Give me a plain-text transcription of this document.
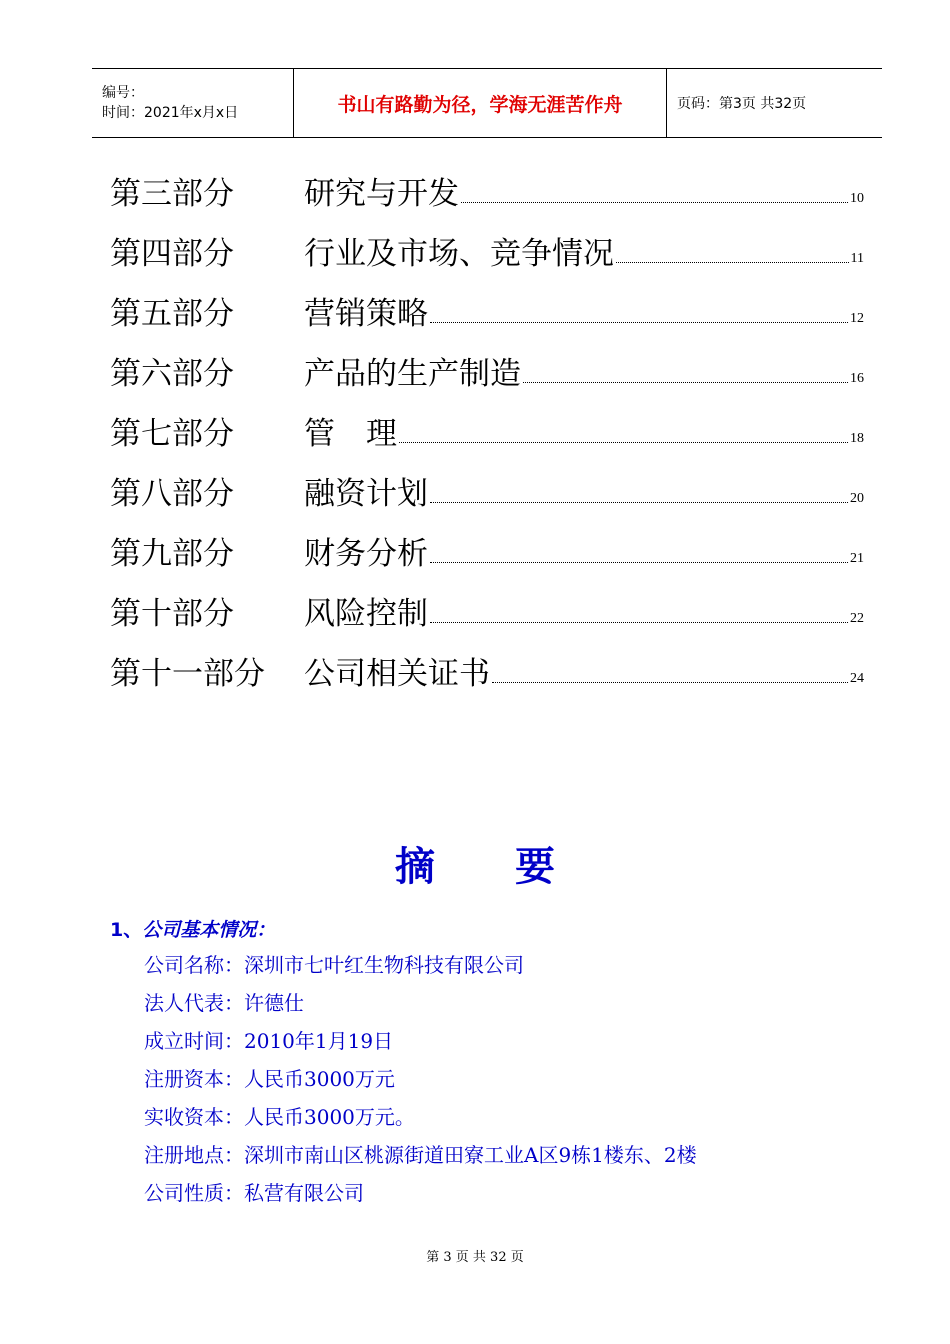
编号：
时间：2021年x月x日	书山有路勤为径，学海无涯苦作舟	页码：第3页 共32页
第三部分	研究与开发	10
第四部分	行业及市场、竞争情况	11
第五部分	营销策略	12
第六部分	产品的生产制造	16
第七部分	管　理	18
第八部分	融资计划	20
第九部分	财务分析	21
第十部分	风险控制	22
第十一部分	公司相关证书	24
摘要
1、公司基本情况：
公司名称：深圳市七叶红生物科技有限公司
法人代表：许德仕
成立时间：2010年1月19日
注册资本：人民币3000万元
实收资本：人民币3000万元。
注册地点：深圳市南山区桃源街道田寮工业A区9栋1楼东、2楼
公司性质：私营有限公司
第 3 页 共 32 页
